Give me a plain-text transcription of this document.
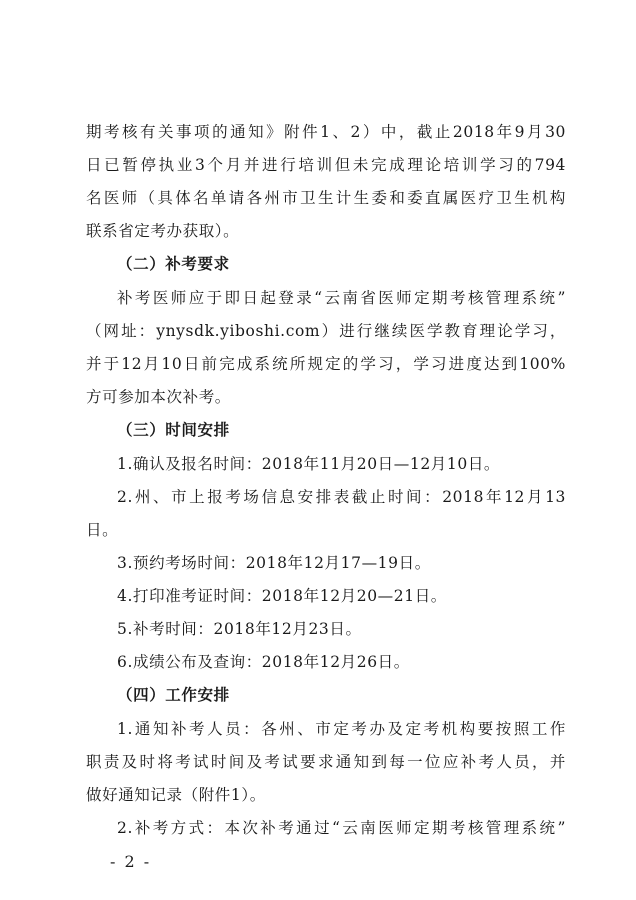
期考核有关事项的通知》附件1、2）中，截止2018年9月30
日已暂停执业3个月并进行培训但未完成理论培训学习的794
名医师（具体名单请各州市卫生计生委和委直属医疗卫生机构
联系省定考办获取）。
（二）补考要求
补考医师应于即日起登录“云南省医师定期考核管理系统”
（网址：ynysdk.yiboshi.com）进行继续医学教育理论学习，
并于12月10日前完成系统所规定的学习，学习进度达到100%
方可参加本次补考。
（三）时间安排
1.确认及报名时间：2018年11月20日—12月10日。
2.州、市上报考场信息安排表截止时间：2018年12月13
日。
3.预约考场时间：2018年12月17—19日。
4.打印准考证时间：2018年12月20—21日。
5.补考时间：2018年12月23日。
6.成绩公布及查询：2018年12月26日。
（四）工作安排
1.通知补考人员：各州、市定考办及定考机构要按照工作
职责及时将考试时间及考试要求通知到每一位应补考人员，并
做好通知记录（附件1）。
2.补考方式：本次补考通过“云南医师定期考核管理系统”
- 2 -
